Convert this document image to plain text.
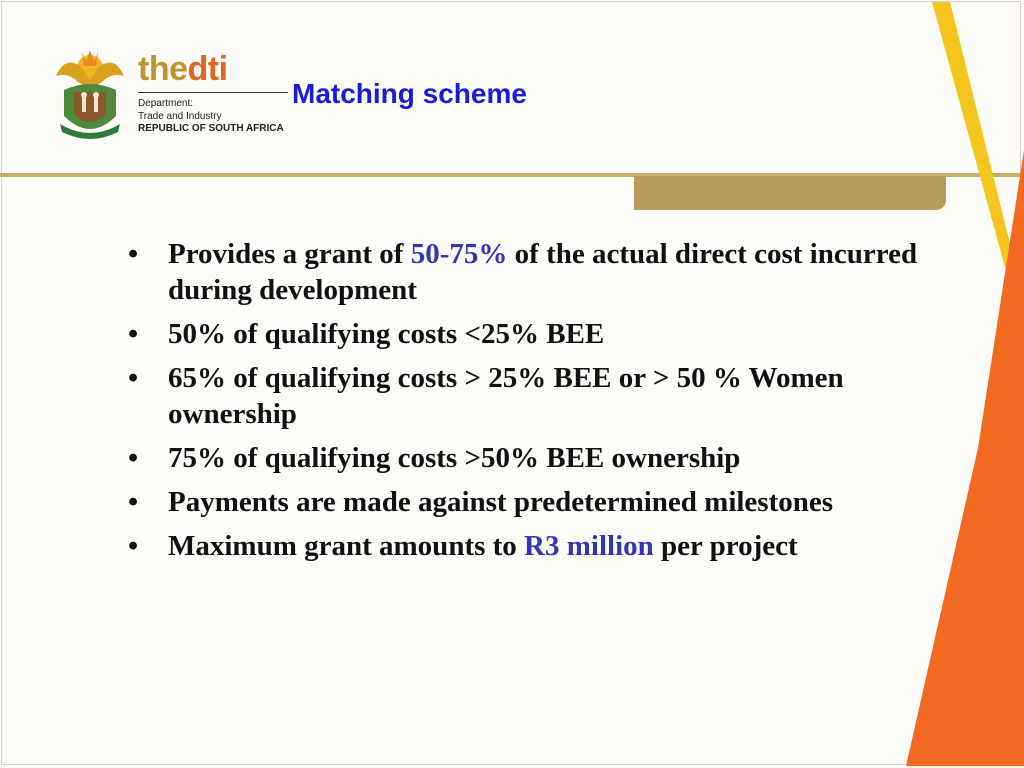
thedti
Department:
Trade and Industry
REPUBLIC OF SOUTH AFRICA
Matching scheme
•	Provides a grant of 50-75% of the actual direct cost incurred during development
•	50% of qualifying costs <25% BEE
•	65% of qualifying costs > 25% BEE or > 50 % Women ownership
•	75% of qualifying costs >50% BEE ownership
•	Payments are made against predetermined milestones
•	Maximum grant amounts to R3 million per project
